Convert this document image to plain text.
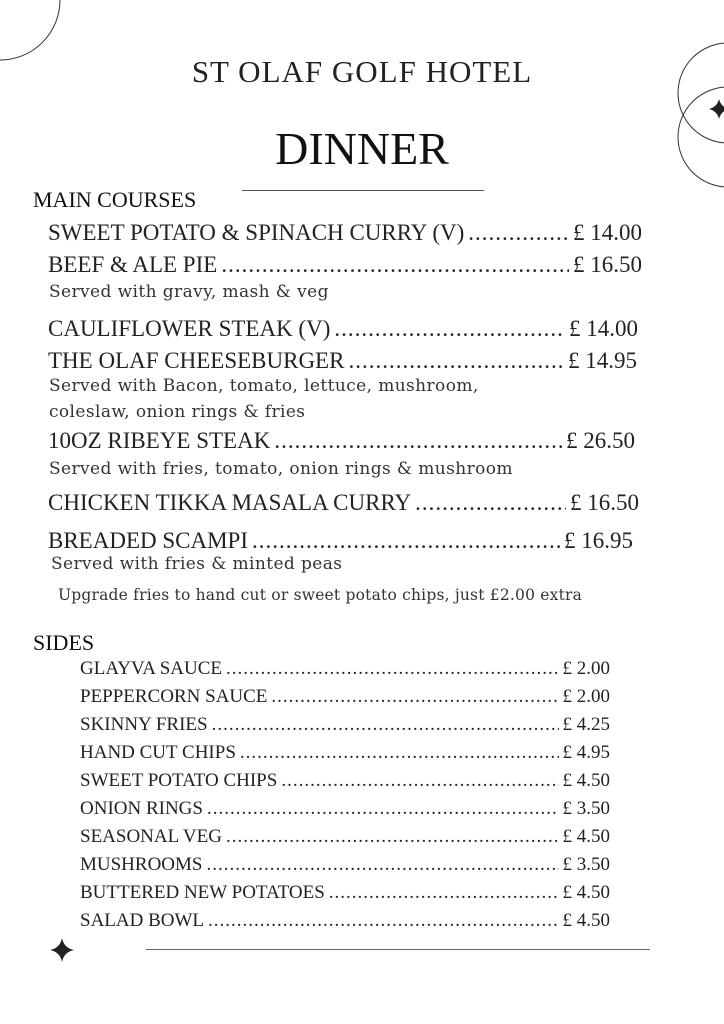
ST OLAF GOLF HOTEL
DINNER
MAIN COURSES
SWEET POTATO & SPINACH CURRY (V) .....	£ 14.00
BEEF & ALE PIE .....	£ 16.50
Served with gravy, mash & veg
CAULIFLOWER STEAK (V) .....	£ 14.00
THE OLAF CHEESEBURGER .....	£ 14.95
Served with Bacon, tomato, lettuce, mushroom,
coleslaw, onion rings & fries
10OZ RIBEYE STEAK .....	£ 26.50
Served with fries, tomato, onion rings & mushroom
CHICKEN TIKKA MASALA CURRY .....	£ 16.50
BREADED SCAMPI .....	£ 16.95
Served with fries & minted peas
Upgrade fries to hand cut or sweet potato chips, just £2.00 extra
SIDES
GLAYVA SAUCE .....	£ 2.00
PEPPERCORN SAUCE .....	£ 2.00
SKINNY FRIES .....	£ 4.25
HAND CUT CHIPS .....	£ 4.95
SWEET POTATO CHIPS .....	£ 4.50
ONION RINGS .....	£ 3.50
SEASONAL VEG .....	£ 4.50
MUSHROOMS .....	£ 3.50
BUTTERED NEW POTATOES .....	£ 4.50
SALAD BOWL .....	£ 4.50
